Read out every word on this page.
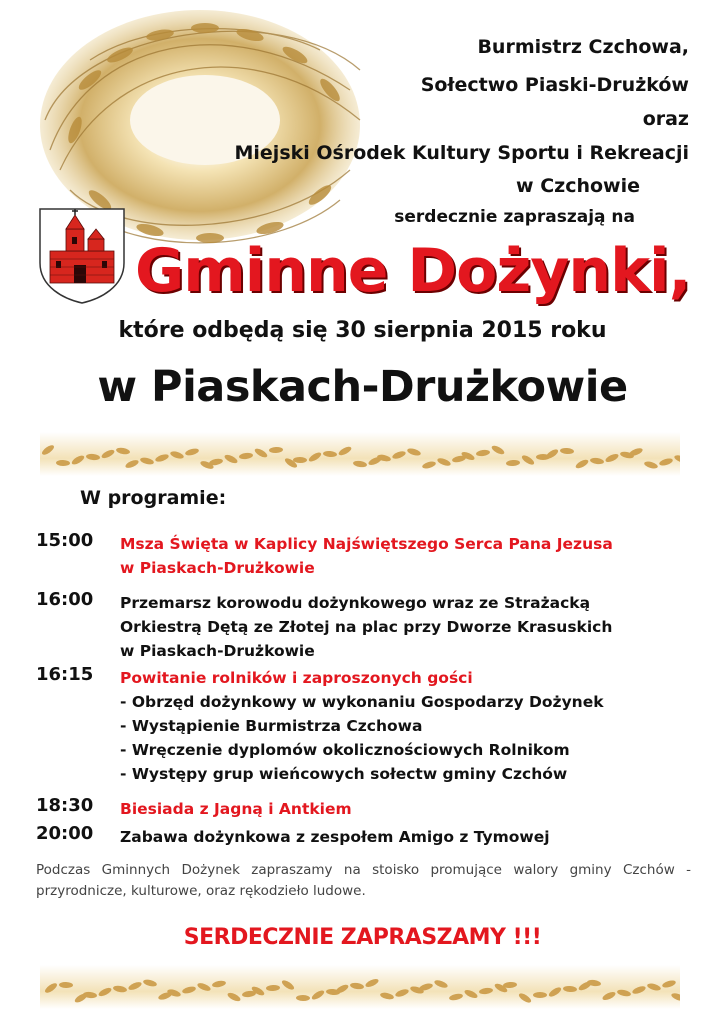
Burmistrz Czchowa,
Sołectwo Piaski-Drużków
oraz
Miejski Ośrodek Kultury Sportu i Rekreacji
w Czchowie
serdecznie zapraszają na
Gminne Dożynki,
które odbędą się 30 sierpnia 2015 roku
w Piaskach-Drużkowie
W programie:
15:00 Msza Święta w Kaplicy Najświętszego Serca Pana Jezusa
w Piaskach-Drużkowie
16:00 Przemarsz korowodu dożynkowego wraz ze Strażacką
Orkiestrą Dętą ze Złotej na plac przy Dworze Krasuskich
w Piaskach-Drużkowie
16:15 Powitanie rolników i zaproszonych gości
- Obrzęd dożynkowy w wykonaniu Gospodarzy Dożynek
- Wystąpienie Burmistrza Czchowa
- Wręczenie dyplomów okolicznościowych Rolnikom
- Występy grup wieńcowych sołectw gminy Czchów
18:30 Biesiada z Jagną i Antkiem
20:00 Zabawa dożynkowa z zespołem Amigo z Tymowej
Podczas Gminnych Dożynek zapraszamy na stoisko promujące walory gminy Czchów - przyrodnicze, kulturowe, oraz rękodzieło ludowe.
SERDECZNIE ZAPRASZAMY !!!
